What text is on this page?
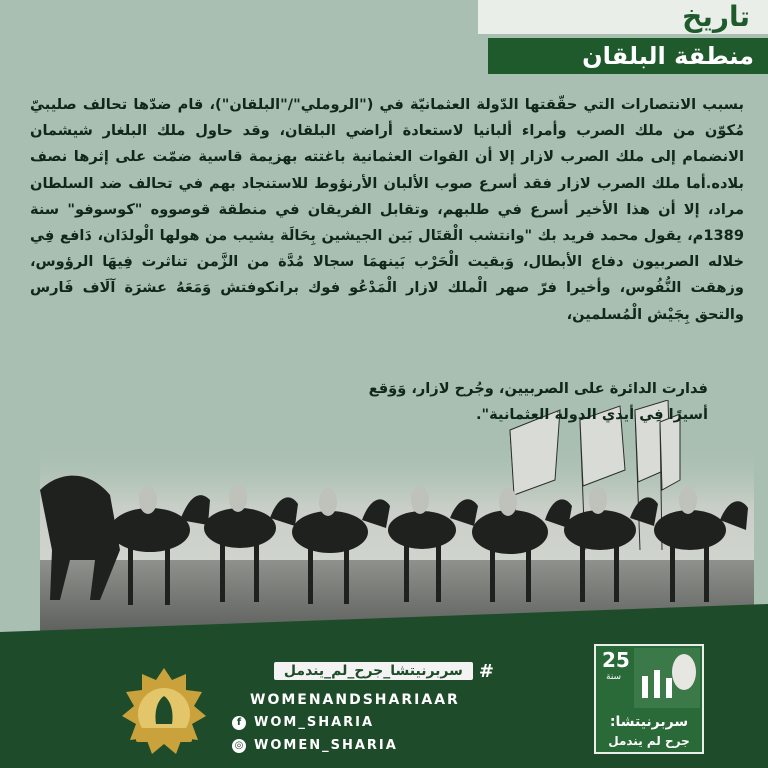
تاريخ
منطقة البلقان

بسبب الانتصارات التي حقّقتها الدّولة العثمانيّة في ("الروملي"/"البلقان")، قام ضدّها تحالف صليبيّ مُكوّن من ملك الصرب وأمراء ألبانيا لاستعادة أراضي البلقان، وقد حاول ملك البلغار شيشمان الانضمام إلى ملك الصرب لازار إلا أن القوات العثمانية باغتته بهزيمة قاسية ضمّت على إثرها نصف بلاده.أما ملك الصرب لازار فقد أسرع صوب الألبان الأرنؤوط للاستنجاد بهم في تحالف ضد السلطان مراد، إلا أن هذا الأخير أسرع في طلبهم، وتقابل الفريقان في منطقة قوصووه "كوسوفو" سنة 1389م، يقول محمد فريد بك "وانتشب الْقتَال بَين الجيشين بِحَالَة يشيب من هولها الْولدَان، دَافع فِي خلاله الصربيون دفاع الأبطال، وَبقيت الْحَرْب بَينهمَا سجالا مُدَّة من الزَّمن تناثرت فِيهَا الرؤوس، وزهقت النُّفُوس، وأخيرا فرّ صهر الْملك لازار الْمَدْعُو فوك برانكوفتش وَمَعَهُ عشرَة آلَاف فَارس والتحق بِجَيْش الْمُسلمين،

فدارت الدائرة على الصربيين، وجُرح لازار، وَوَقع

أسيرًا فِي أيدي الدولة العثمانية".

#
سربرنيتشا_جرح_لم_يندمل
WOMENANDSHARIAAR
f WOM_SHARIA
◎ WOMEN_SHARIA
25
سنة
سربرنيتشا:
جرح لم يندمل
